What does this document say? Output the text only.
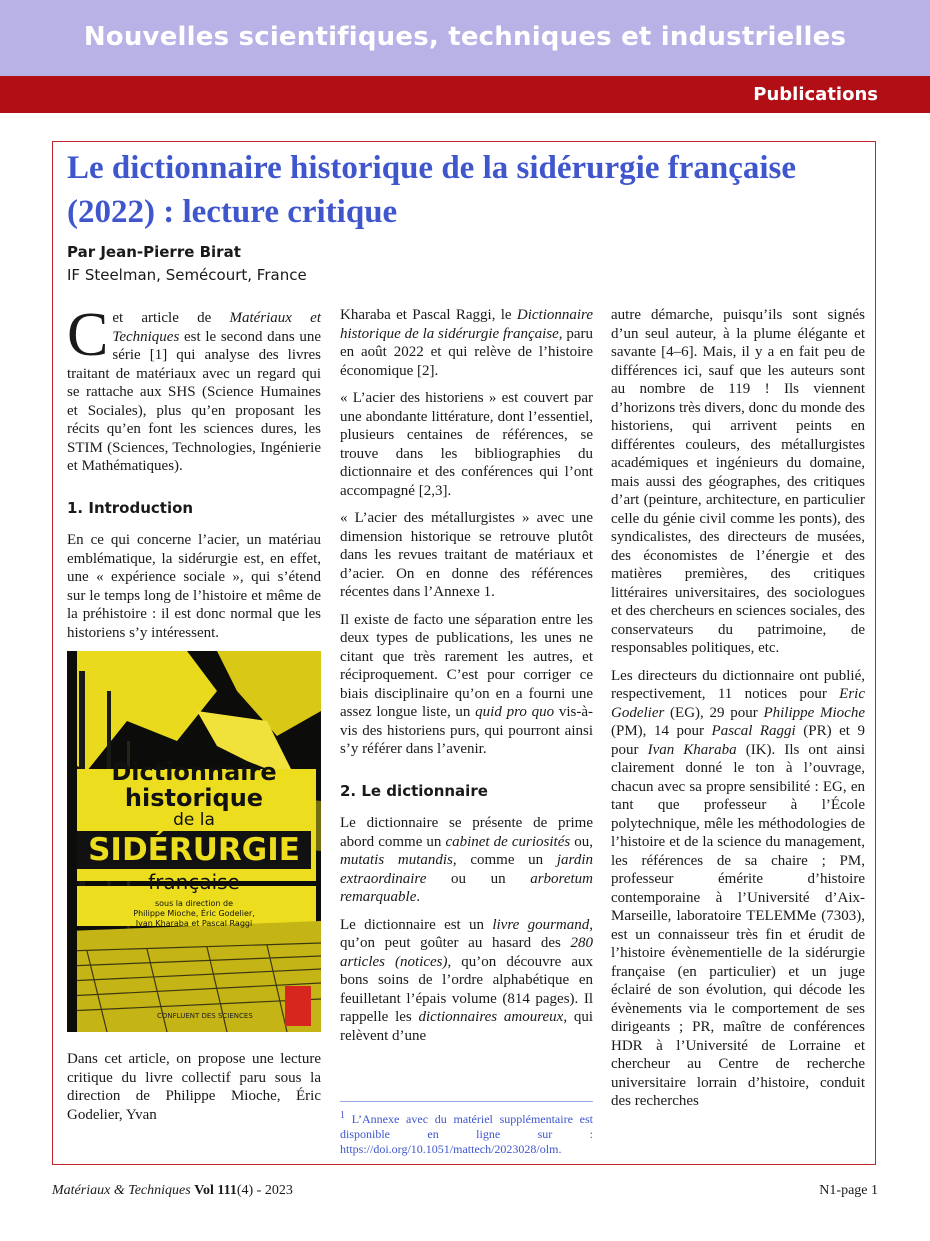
Nouvelles scientifiques, techniques et industrielles
Publications
Le dictionnaire historique de la sidérurgie française (2022) : lecture critique
Par Jean-Pierre Birat
IF Steelman, Semécourt, France

Cet article de Matériaux et Techniques est le second dans une série [1] qui analyse des livres traitant de matériaux avec un regard qui se rattache aux SHS (Science Humaines et Sociales), plus qu’en proposant les récits qu’en font les sciences dures, les STIM (Sciences, Technologies, Ingénierie et Mathématiques).

1. Introduction

En ce qui concerne l’acier, un matériau emblématique, la sidérurgie est, en effet, une « expérience sociale », qui s’étend sur le temps long de l’histoire et même de la préhistoire : il est donc normal que les historiens s’y intéressent.

Dictionnaire
historique
de la
SIDÉRURGIE
française
sous la direction de
Philippe Mioche, Éric Godelier,
Ivan Kharaba et Pascal Raggi
CONFLUENT DES SCIENCES

Dans cet article, on propose une lecture critique du livre collectif paru sous la direction de Philippe Mioche, Éric Godelier, Yvan

Kharaba et Pascal Raggi, le Dictionnaire historique de la sidérurgie française, paru en août 2022 et qui relève de l’histoire économique [2].

« L’acier des historiens » est couvert par une abondante littérature, dont l’essentiel, plusieurs centaines de références, se trouve dans les bibliographies du dictionnaire et des conférences qui l’ont accompagné [2,3].

« L’acier des métallurgistes » avec une dimension historique se retrouve plutôt dans les revues traitant de matériaux et d’acier. On en donne des références récentes dans l’Annexe 1.

Il existe de facto une séparation entre les deux types de publications, les unes ne citant que très rarement les autres, et réciproquement. C’est pour corriger ce biais disciplinaire qu’on en a fourni une assez longue liste, un quid pro quo vis-à-vis des historiens purs, qui pourront ainsi s’y référer dans l’avenir.

2. Le dictionnaire

Le dictionnaire se présente de prime abord comme un cabinet de curiosités ou, mutatis mutandis, comme un jardin extraordinaire ou un arboretum remarquable.

Le dictionnaire est un livre gourmand, qu’on peut goûter au hasard des 280 articles (notices), qu’on découvre aux bons soins de l’ordre alphabétique en feuilletant l’épais volume (814 pages). Il rappelle les dictionnaires amoureux, qui relèvent d’une

$^1$ L’Annexe avec du matériel supplémentaire est disponible en ligne sur : https://doi.org/10.1051/mattech/2023028/olm.

autre démarche, puisqu’ils sont signés d’un seul auteur, à la plume élégante et savante [4–6]. Mais, il y a en fait peu de différences ici, sauf que les auteurs sont au nombre de 119 ! Ils viennent d’horizons très divers, donc du monde des historiens, qui arrivent peints en différentes couleurs, des métallurgistes académiques et ingénieurs du domaine, mais aussi des géographes, des critiques d’art (peinture, architecture, en particulier celle du génie civil comme les ponts), des syndicalistes, des directeurs de musées, des économistes de l’énergie et des matières premières, des critiques littéraires universitaires, des sociologues et des chercheurs en sciences sociales, des conservateurs du patrimoine, de responsables politiques, etc.

Les directeurs du dictionnaire ont publié, respectivement, 11 notices pour Eric Godelier (EG), 29 pour Philippe Mioche (PM), 14 pour Pascal Raggi (PR) et 9 pour Ivan Kharaba (IK). Ils ont ainsi clairement donné le ton à l’ouvrage, chacun avec sa propre sensibilité : EG, en tant que professeur à l’École polytechnique, mêle les méthodologies de l’histoire et de la science du management, les références de sa chaire ; PM, professeur émérite d’histoire contemporaine à l’Université d’Aix-Marseille, laboratoire TELEMMe (7303), est un connaisseur très fin et érudit de l’histoire évènementielle de la sidérurgie française (en particulier) et un juge éclairé de son évolution, qui décode les évènements via le comportement de ses dirigeants ; PR, maître de conférences HDR à l’Université de Lorraine et chercheur au Centre de recherche universitaire lorrain d’histoire, conduit des recherches

Matériaux & Techniques Vol 111(4) - 2023	N1-page 1
